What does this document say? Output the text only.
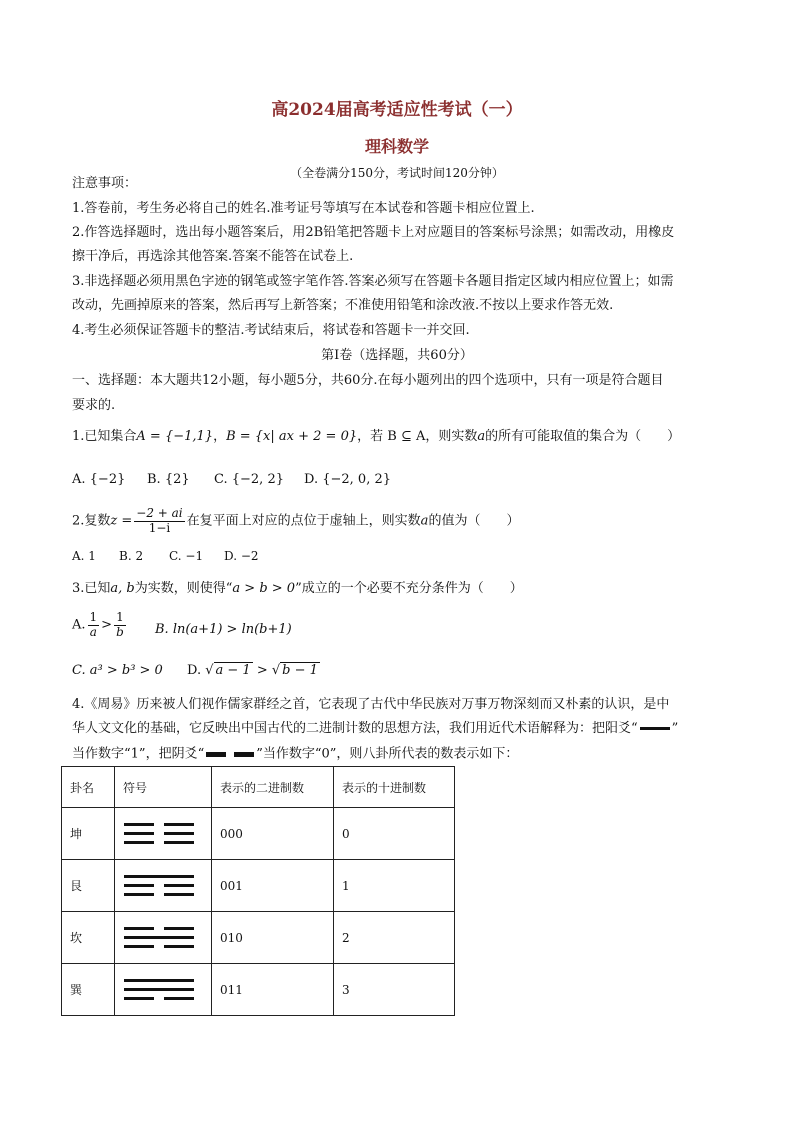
高2024届高考适应性考试（一）
理科数学
（全卷满分150分，考试时间120分钟）
注意事项：
1.答卷前，考生务必将自己的姓名.准考证号等填写在本试卷和答题卡相应位置上.
2.作答选择题时，选出每小题答案后，用2B铅笔把答题卡上对应题目的答案标号涂黑；如需改动，用橡皮
擦干净后，再选涂其他答案.答案不能答在试卷上.
3.非选择题必须用黑色字迹的钢笔或签字笔作答.答案必须写在答题卡各题目指定区域内相应位置上；如需
改动，先画掉原来的答案，然后再写上新答案；不准使用铅笔和涂改液.不按以上要求作答无效.
4.考生必须保证答题卡的整洁.考试结束后，将试卷和答题卡一并交回.
第Ⅰ卷（选择题，共60分）
一、选择题：本大题共12小题，每小题5分，共60分.在每小题列出的四个选项中，只有一项是符合题目
要求的.
1.已知集合A = {−1,1}，B = {x| ax + 2 = 0}，若 B ⊆ A，则实数a的所有可能取值的集合为（　　）
A. {−2} B. {2} C. {−2, 2} D. {−2, 0, 2}
2.复数$z = \frac{-2 + ai}{1-i}$ 在复平面上对应的点位于虚轴上，则实数a的值为（　　）
A. 1 B. 2 C. −1 D. −2
3.已知a, b为实数，则使得“a > b > 0”成立的一个必要不充分条件为（　　）
A. $\frac{1}{a} > \frac{1}{b} B$. ln(a+1) > ln(b+1)
C. a³ > b³ > 0 D. √ a − 1 > √ b − 1
4.《周易》历来被人们视作儒家群经之首，它表现了古代中华民族对万事万物深刻而又朴素的认识，是中
华人文文化的基础，它反映出中国古代的二进制计数的思想方法，我们用近代术语解释为：把阳爻“	”
当作数字“1”，把阴爻“	”当作数字“0”，则八卦所代表的数表示如下：
卦名	符号	表示的二进制数	表示的十进制数
坤		000	0
艮		001	1
坎		010	2
巽		011	3
